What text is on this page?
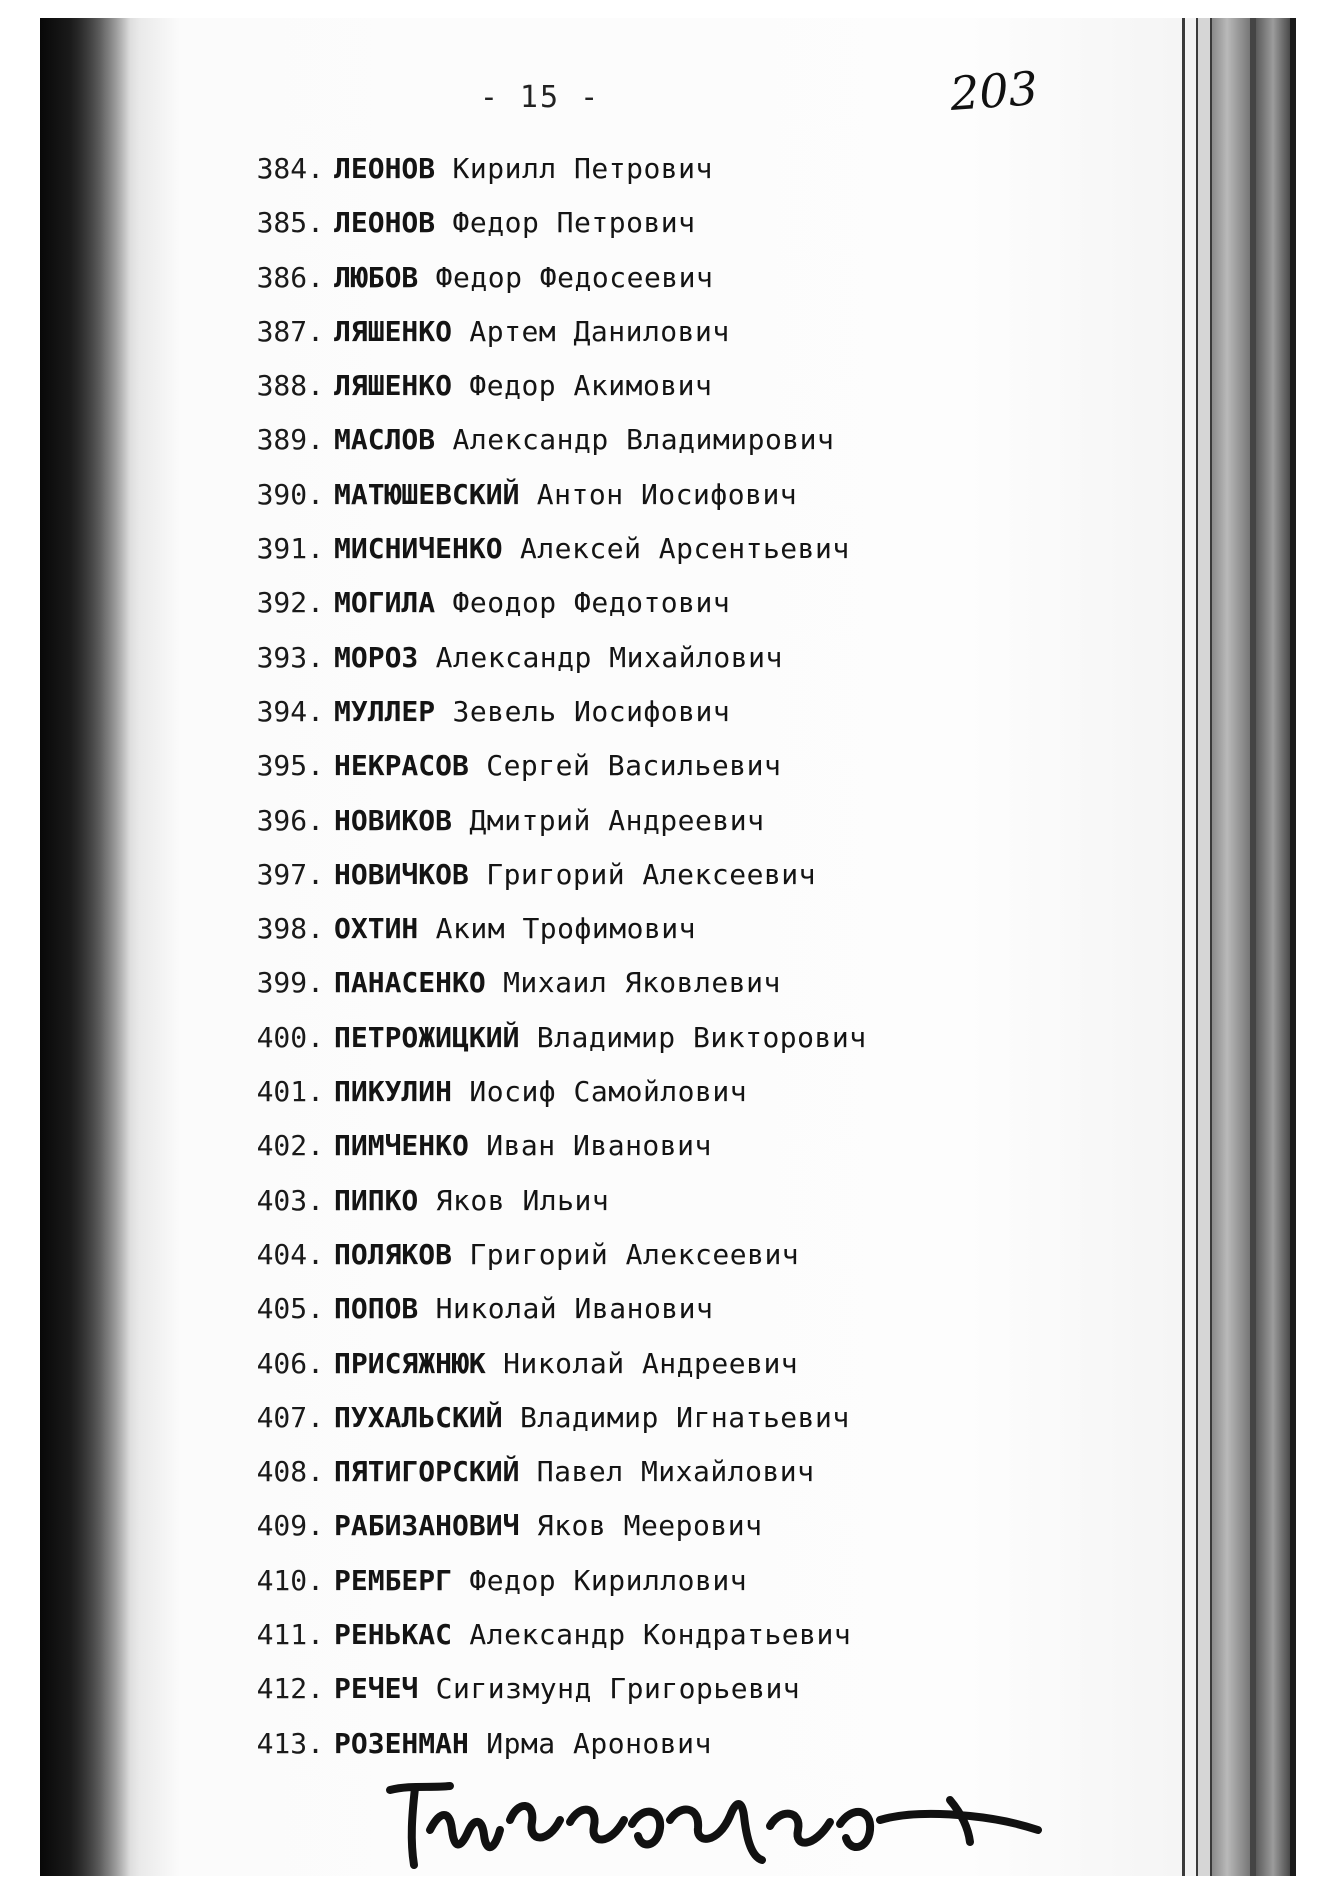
- 15 -	203
384. ЛЕОНОВ Кирилл Петрович
385. ЛЕОНОВ Федор Петрович
386. ЛЮБОВ Федор Федосеевич
387. ЛЯШЕНКО Артем Данилович
388. ЛЯШЕНКО Федор Акимович
389. МАСЛОВ Александр Владимирович
390. МАТЮШЕВСКИЙ Антон Иосифович
391. МИСНИЧЕНКО Алексей Арсентьевич
392. МОГИЛА Феодор Федотович
393. МОРОЗ Александр Михайлович
394. МУЛЛЕР Зевель Иосифович
395. НЕКРАСОВ Сергей Васильевич
396. НОВИКОВ Дмитрий Андреевич
397. НОВИЧКОВ Григорий Алексеевич
398. ОХТИН Аким Трофимович
399. ПАНАСЕНКО Михаил Яковлевич
400. ПЕТРОЖИЦКИЙ Владимир Викторович
401. ПИКУЛИН Иосиф Самойлович
402. ПИМЧЕНКО Иван Иванович
403. ПИПКО Яков Ильич
404. ПОЛЯКОВ Григорий Алексеевич
405. ПОПОВ Николай Иванович
406. ПРИСЯЖНЮК Николай Андреевич
407. ПУХАЛЬСКИЙ Владимир Игнатьевич
408. ПЯТИГОРСКИЙ Павел Михайлович
409. РАБИЗАНОВИЧ Яков Меерович
410. РЕМБЕРГ Федор Кириллович
411. РЕНЬКАС Александр Кондратьевич
412. РЕЧЕЧ Сигизмунд Григорьевич
413. РОЗЕНМАН Ирма Аронович
